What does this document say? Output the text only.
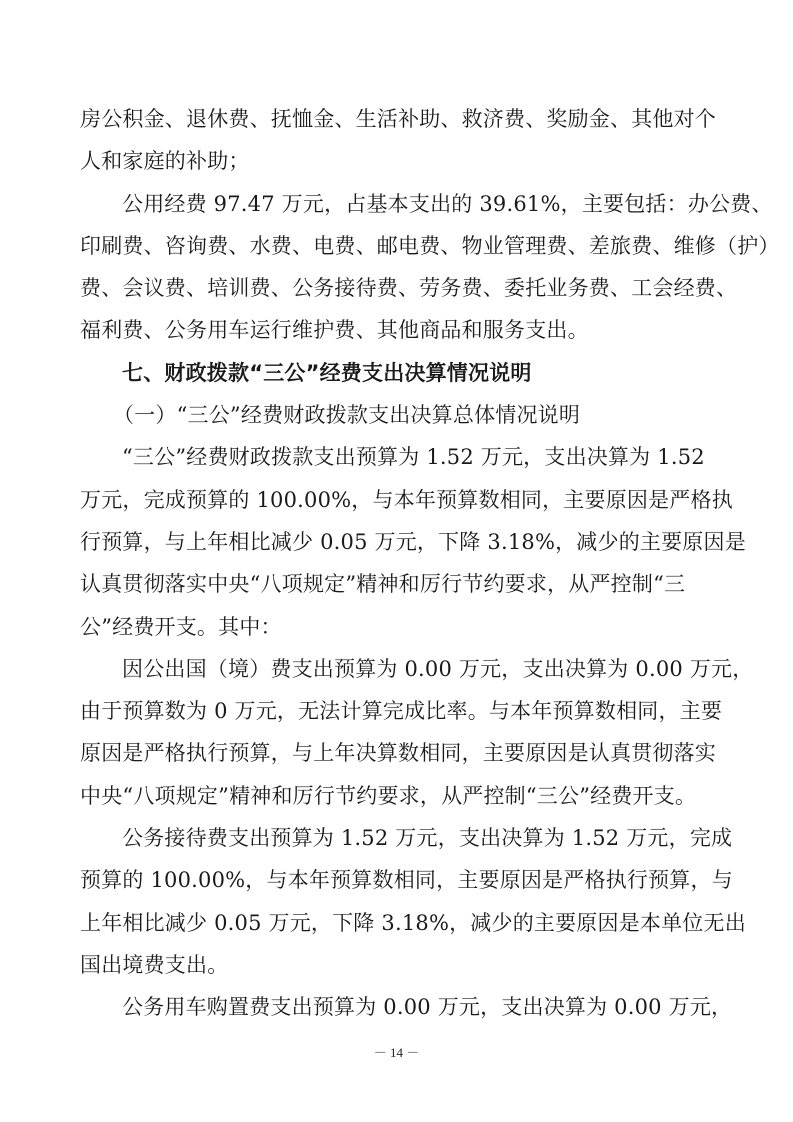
房公积金、退休费、抚恤金、生活补助、救济费、奖励金、其他对个
人和家庭的补助；
公用经费 97.47 万元，占基本支出的 39.61%，主要包括：办公费、
印刷费、咨询费、水费、电费、邮电费、物业管理费、差旅费、维修（护）
费、会议费、培训费、公务接待费、劳务费、委托业务费、工会经费、
福利费、公务用车运行维护费、其他商品和服务支出。
七、财政拨款“三公”经费支出决算情况说明
（一）“三公”经费财政拨款支出决算总体情况说明
“三公”经费财政拨款支出预算为 1.52 万元，支出决算为 1.52
万元，完成预算的 100.00%，与本年预算数相同，主要原因是严格执
行预算，与上年相比减少 0.05 万元，下降 3.18%，减少的主要原因是
认真贯彻落实中央“八项规定”精神和厉行节约要求，从严控制“三
公”经费开支。其中：
因公出国（境）费支出预算为 0.00 万元，支出决算为 0.00 万元，
由于预算数为 0 万元，无法计算完成比率。与本年预算数相同，主要
原因是严格执行预算，与上年决算数相同，主要原因是认真贯彻落实
中央“八项规定”精神和厉行节约要求，从严控制“三公”经费开支。
公务接待费支出预算为 1.52 万元，支出决算为 1.52 万元，完成
预算的 100.00%，与本年预算数相同，主要原因是严格执行预算，与
上年相比减少 0.05 万元，下降 3.18%，减少的主要原因是本单位无出
国出境费支出。
公务用车购置费支出预算为 0.00 万元，支出决算为 0.00 万元，
－ 14 －
